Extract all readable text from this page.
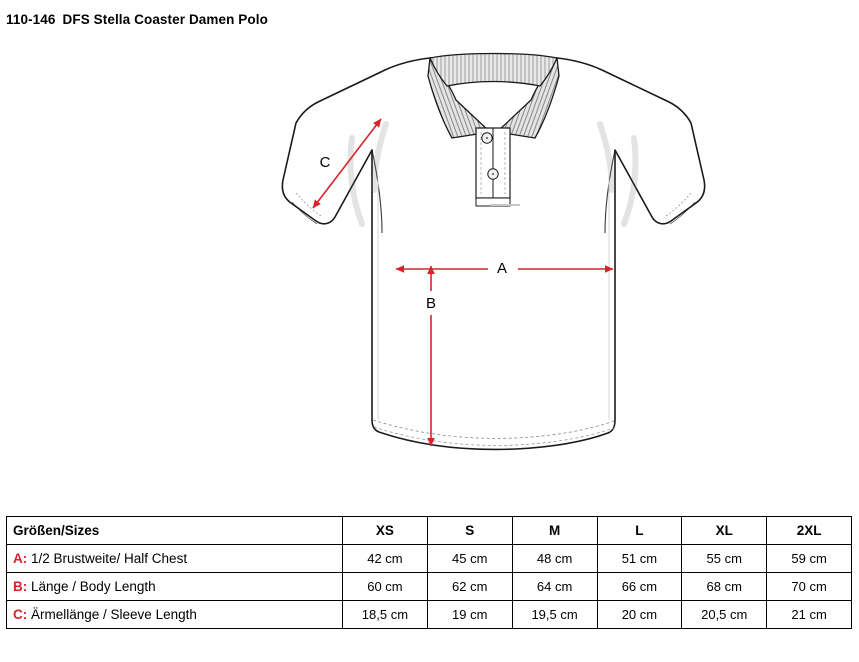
110-146 DFS Stella Coaster Damen Polo
A
B
C
Größen/Sizes	XS	S	M	L	XL	2XL
A: 1/2 Brustweite/ Half Chest	42 cm	45 cm	48 cm	51 cm	55 cm	59 cm
B: Länge / Body Length	60 cm	62 cm	64 cm	66 cm	68 cm	70 cm
C: Ärmellänge / Sleeve Length	18,5 cm	19 cm	19,5 cm	20 cm	20,5 cm	21 cm
